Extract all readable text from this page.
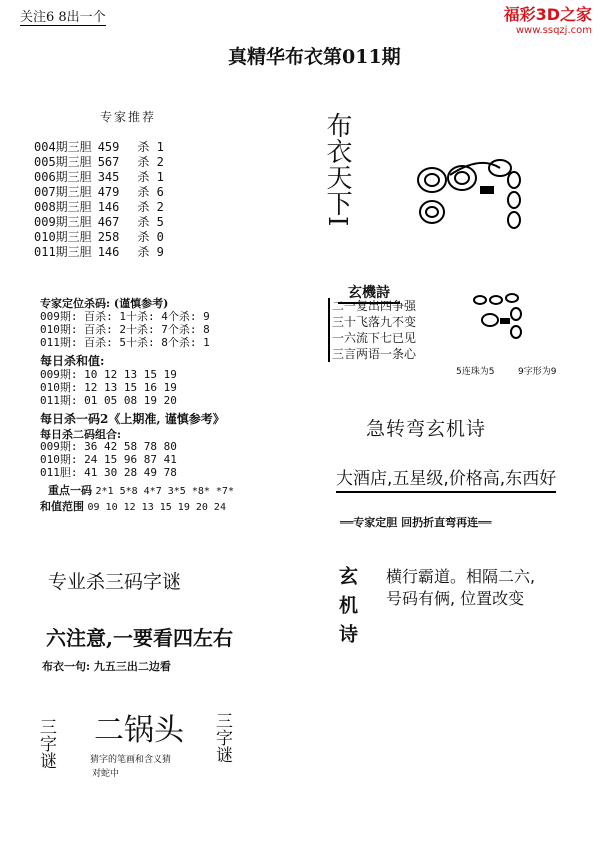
关注6 8出一个	福彩3D之家
www.ssqzj.com
真精华布衣第011期
专家推荐
004期三胆 459 杀 1
005期三胆 567 杀 2
006期三胆 345 杀 1
007期三胆 479 杀 6
008期三胆 146 杀 2
009期三胆 467 杀 5
010期三胆 258 杀 0
011期三胆 146 杀 9
专家定位杀码: (谨慎参考)
009期: 百杀: 1十杀: 4个杀: 9
010期: 百杀: 2十杀: 7个杀: 8
011期: 百杀: 5十杀: 8个杀: 1
每日杀和值:
009期: 10 12 13 15 19
010期: 12 13 15 16 19
011期: 01 05 08 19 20
每日杀一码2《上期准, 谨慎参考》
每日杀二码组合:
009期: 36 42 58 78 80
010期: 24 15 96 87 41
011胆: 41 30 28 49 78
重点一码 2*1 5*8 4*7 3*5 *8* *7*
和值范围 09 10 12 13 15 19 20 24
专业杀三码字谜
六注意,一要看四左右
布衣一句: 九五三出二边看
三字谜 二锅头 三字谜
猜字的笔画和含义猜
对蛇中
布衣天下I
玄機詩
二一复出四争强
三十飞落九不变
一六流下七已见
三言两语一条心
5连珠为5	9字形为9
急转弯玄机诗
大酒店,五星级,价格高,东西好
══专家定胆 回扔折直弯再连══
玄机诗 横行霸道。相隔二六,
号码有俩, 位置改变
